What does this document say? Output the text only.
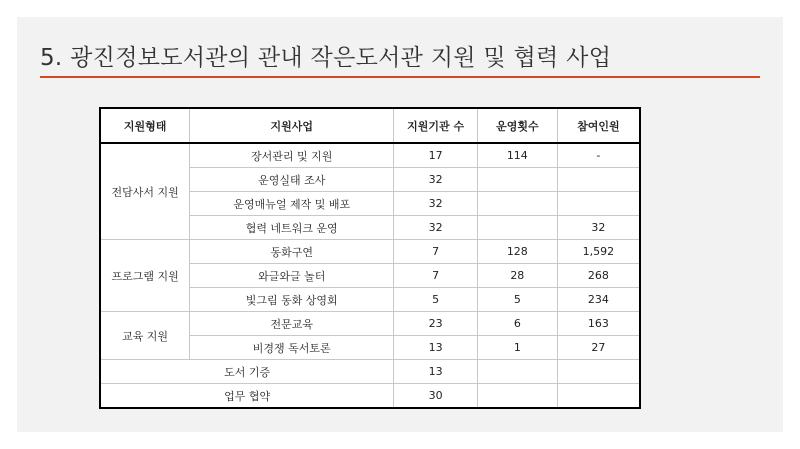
5. 광진정보도서관의 관내 작은도서관 지원 및 협력 사업
지원형태	지원사업	지원기관 수	운영횟수	참여인원
전담사서 지원	장서관리 및 지원	17	114	-
	운영실태 조사	32		
	운영매뉴얼 제작 및 배포	32		
	협력 네트워크 운영	32		32
프로그램 지원	동화구연	7	128	1,592
	와글와글 놀터	7	28	268
	빛그림 동화 상영회	5	5	234
교육 지원	전문교육	23	6	163
	비경쟁 독서토론	13	1	27
도서 기증		13		
업무 협약		30		
